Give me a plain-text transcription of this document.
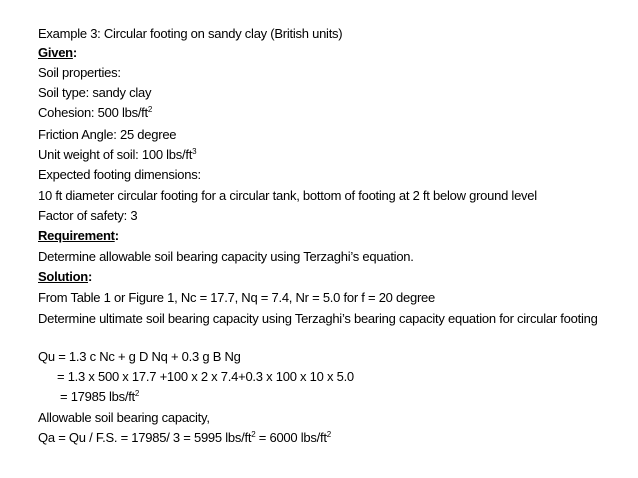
Example 3: Circular footing on sandy clay (British units)
Given:
Soil properties:
Soil type: sandy clay
Cohesion: 500 lbs/$ft^2$
Friction Angle: 25 degree
Unit weight of soil: 100 lbs/$ft^3$
Expected footing dimensions:
10 ft diameter circular footing for a circular tank, bottom of footing at 2 ft below ground level
Factor of safety: 3
Requirement:
Determine allowable soil bearing capacity using Terzaghi’s equation.
Solution:
From Table 1 or Figure 1, Nc = 17.7, Nq = 7.4, Nr = 5.0 for f = 20 degree
Determine ultimate soil bearing capacity using Terzaghi’s bearing capacity equation for circular footing
Qu = 1.3 c Nc + g D Nq + 0.3 g B Ng
= 1.3 x 500 x 17.7 +100 x 2 x 7.4+0.3 x 100 x 10 x 5.0
= 17985 lbs/$ft^2$
Allowable soil bearing capacity,
Qa = Qu / F.S. = 17985/ 3 = 5995 lbs/$ft^2 = 6000$ lbs/$ft^2$
